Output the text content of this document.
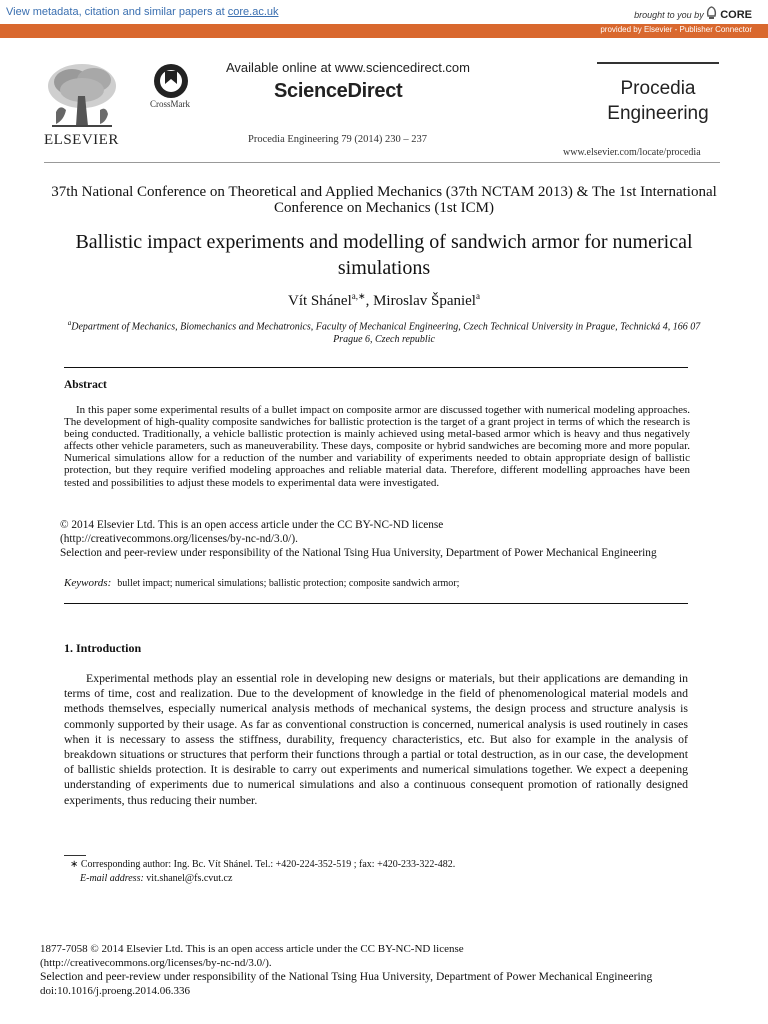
View metadata, citation and similar papers at core.ac.uk	brought to you by CORE
provided by Elsevier - Publisher Connector
ELSEVIER
CrossMark
Available online at www.sciencedirect.com
ScienceDirect
Procedia Engineering 79 (2014) 230 – 237
Procedia
Engineering
www.elsevier.com/locate/procedia
37th National Conference on Theoretical and Applied Mechanics (37th NCTAM 2013) & The 1st International Conference on Mechanics (1st ICM)
Ballistic impact experiments and modelling of sandwich armor for numerical simulations
Vít Shánel$^{a,∗}$, Miroslav Španiel$^a$
$^a$Department of Mechanics, Biomechanics and Mechatronics, Faculty of Mechanical Engineering, Czech Technical University in Prague, Technická 4, 166 07 Prague 6, Czech republic
Abstract
In this paper some experimental results of a bullet impact on composite armor are discussed together with numerical modeling approaches. The development of high-quality composite sandwiches for ballistic protection is the target of a grant project in terms of which the research is being conducted. Traditionally, a vehicle ballistic protection is mainly achieved using metal-based armor which is heavy and thus negatively affects other vehicle parameters, such as maneuverability. These days, composite or hybrid sandwiches are becoming more and more popular. Numerical simulations allow for a reduction of the number and variability of experiments needed to obtain appropriate design of ballistic protection, but they require verified modeling approaches and reliable material data. Therefore, different modelling approaches have been tested and possibilities to adjust these models to experimental data were investigated.
© 2014 Elsevier Ltd. This is an open access article under the CC BY-NC-ND license
(http://creativecommons.org/licenses/by-nc-nd/3.0/).
Selection and peer-review under responsibility of the National Tsing Hua University, Department of Power Mechanical Engineering
Keywords: bullet impact; numerical simulations; ballistic protection; composite sandwich armor;
1. Introduction
Experimental methods play an essential role in developing new designs or materials, but their applications are demanding in terms of time, cost and realization. Due to the development of knowledge in the field of phenomenological material models and methods themselves, especially numerical analysis methods of mechanical systems, the design process and structure analysis is commonly supported by their usage. As far as conventional construction is concerned, numerical analysis is used routinely in cases when it is necessary to assess the stiffness, durability, frequency characteristics, etc. But also for example in the analysis of breakdown situations or structures that perform their functions through a partial or total destruction, as in our case, the development of ballistic shields protection. It is desirable to carry out experiments and numerical simulations together. We expect a deepening understanding of experiments due to numerical simulations and also a continuous consequent promotion of rationally designed experiments, thus reducing their number.
∗ Corresponding author: Ing. Bc. Vít Shánel. Tel.: +420-224-352-519 ; fax: +420-233-322-482.
E-mail address: vit.shanel@fs.cvut.cz
1877-7058 © 2014 Elsevier Ltd. This is an open access article under the CC BY-NC-ND license
(http://creativecommons.org/licenses/by-nc-nd/3.0/).
Selection and peer-review under responsibility of the National Tsing Hua University, Department of Power Mechanical Engineering
doi:10.1016/j.proeng.2014.06.336
